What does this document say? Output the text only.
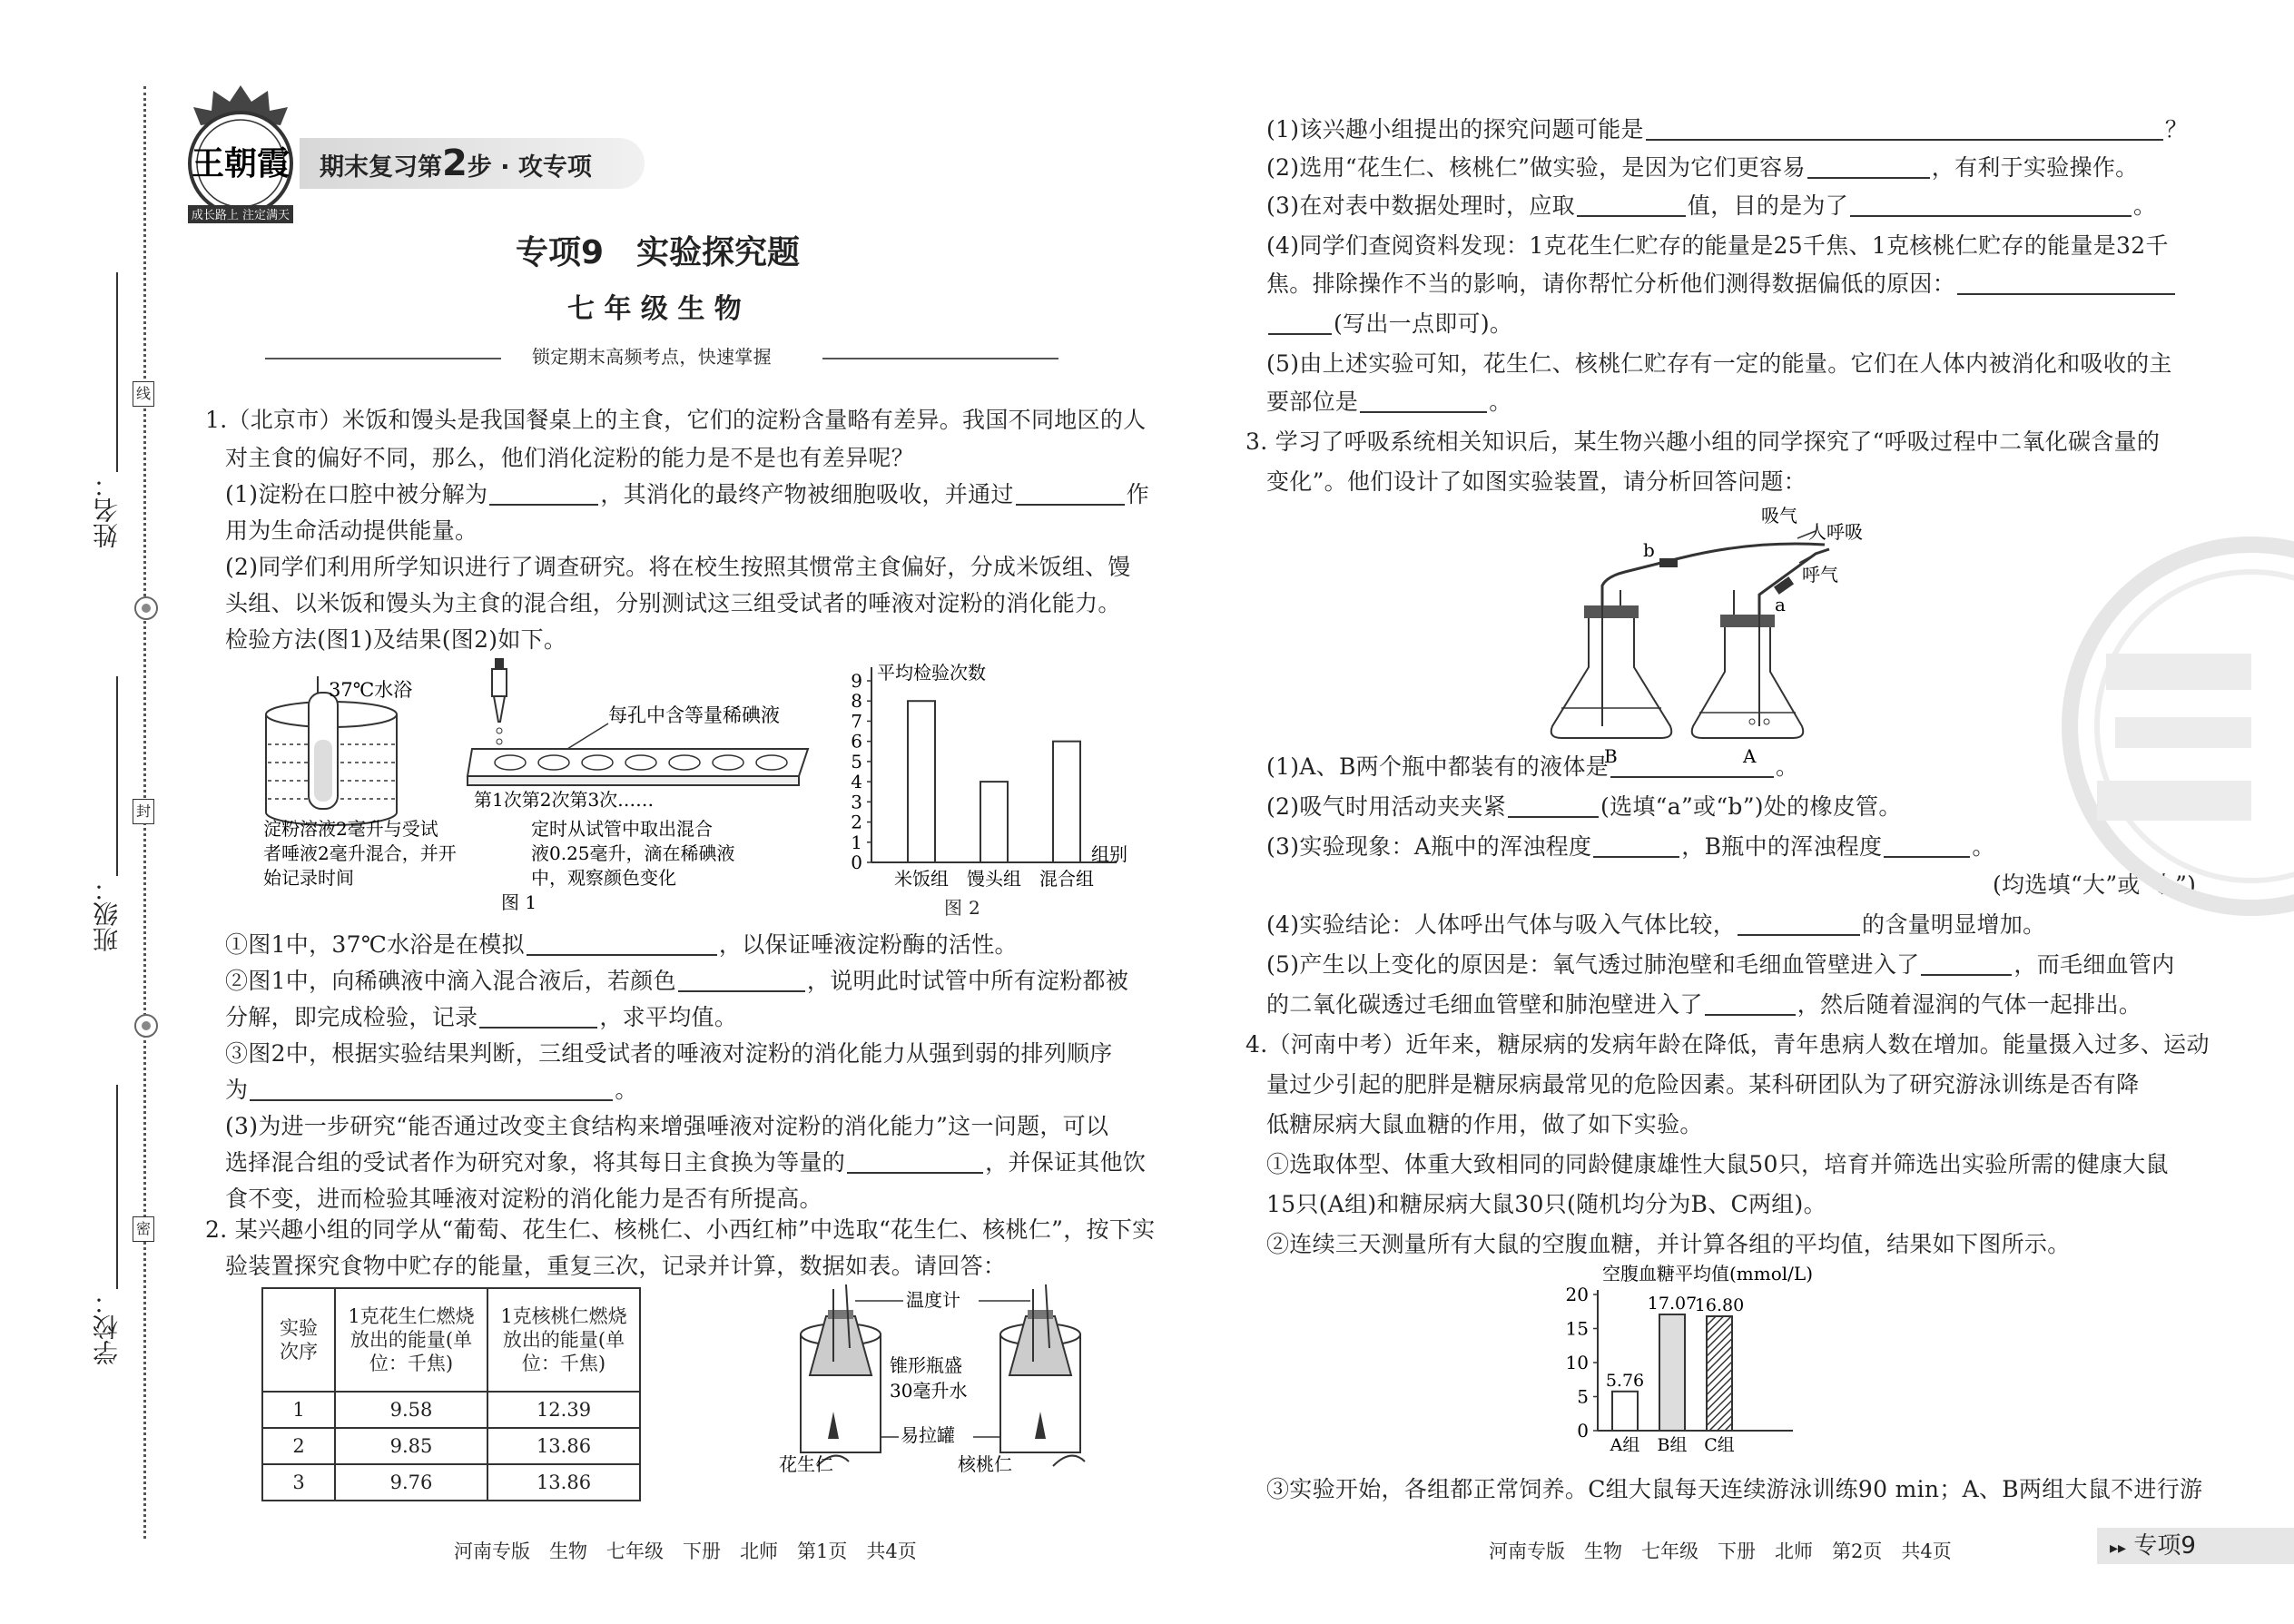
姓名：
班级：
学校：
线
封
密
王朝霞
成长路上 注定满天
期末复习第2步 · 攻专项
专项9　实验探究题
七 年 级 生 物
锁定期末高频考点，快速掌握
1.（北京市）米饭和馒头是我国餐桌上的主食，它们的淀粉含量略有差异。我国不同地区的人
对主食的偏好不同，那么，他们消化淀粉的能力是不是也有差异呢？
(1)淀粉在口腔中被分解为	，其消化的最终产物被细胞吸收，并通过	作
用为生命活动提供能量。
(2)同学们利用所学知识进行了调查研究。将在校生按照其惯常主食偏好，分成米饭组、馒
头组、以米饭和馒头为主食的混合组，分别测试这三组受试者的唾液对淀粉的消化能力。
检验方法(图1)及结果(图2)如下。
37℃水浴
每孔中含等量稀碘液
第1次第2次第3次……
淀粉溶液2毫升与受试
者唾液2毫升混合，并开
始记录时间
定时从试管中取出混合
液0.25毫升，滴在稀碘液
中，观察颜色变化
图 1
0
1
2
3
4
5
6
7
8
9 平均检验次数
组别
米饭组 馒头组 混合组
图 2
①图1中，37℃水浴是在模拟	，以保证唾液淀粉酶的活性。
②图1中，向稀碘液中滴入混合液后，若颜色	，说明此时试管中所有淀粉都被
分解，即完成检验，记录	，求平均值。
③图2中，根据实验结果判断，三组受试者的唾液对淀粉的消化能力从强到弱的排列顺序
为	。
(3)为进一步研究“能否通过改变主食结构来增强唾液对淀粉的消化能力”这一问题，可以
选择混合组的受试者作为研究对象，将其每日主食换为等量的	，并保证其他饮
食不变，进而检验其唾液对淀粉的消化能力是否有所提高。
2. 某兴趣小组的同学从“葡萄、花生仁、核桃仁、小西红柿”中选取“花生仁、核桃仁”，按下实
验装置探究食物中贮存的能量，重复三次，记录并计算，数据如表。请回答：
实验
次序	1克花生仁燃烧
放出的能量(单
位：千焦)	1克核桃仁燃烧
放出的能量(单
位：千焦)
1	9.58	12.39
2	9.85	13.86
3	9.76	13.86
温度计
锥形瓶盛
30毫升水
易拉罐
花生仁	核桃仁
(1)该兴趣小组提出的探究问题可能是	？
(2)选用“花生仁、核桃仁”做实验，是因为它们更容易	，有利于实验操作。
(3)在对表中数据处理时，应取	值，目的是为了	。
(4)同学们查阅资料发现：1克花生仁贮存的能量是25千焦、1克核桃仁贮存的能量是32千
焦。排除操作不当的影响，请你帮忙分析他们测得数据偏低的原因：
(写出一点即可)。
(5)由上述实验可知，花生仁、核桃仁贮存有一定的能量。它们在人体内被消化和吸收的主
要部位是	。
3. 学习了呼吸系统相关知识后，某生物兴趣小组的同学探究了“呼吸过程中二氧化碳含量的
变化”。他们设计了如图实验装置，请分析回答问题：
b
a
吸气
人呼吸
呼气
B	A
(1)A、B两个瓶中都装有的液体是	。
(2)吸气时用活动夹夹紧	(选填“a”或“b”)处的橡皮管。
(3)实验现象：A瓶中的浑浊程度	，B瓶中的浑浊程度	。
(均选填“大”或“小”)
(4)实验结论：人体呼出气体与吸入气体比较，	的含量明显增加。
(5)产生以上变化的原因是：氧气透过肺泡壁和毛细血管壁进入了	，而毛细血管内
的二氧化碳透过毛细血管壁和肺泡壁进入了	，然后随着湿润的气体一起排出。
4.（河南中考）近年来，糖尿病的发病年龄在降低，青年患病人数在增加。能量摄入过多、运动
量过少引起的肥胖是糖尿病最常见的危险因素。某科研团队为了研究游泳训练是否有降
低糖尿病大鼠血糖的作用，做了如下实验。
①选取体型、体重大致相同的同龄健康雄性大鼠50只，培育并筛选出实验所需的健康大鼠
15只(A组)和糖尿病大鼠30只(随机均分为B、C两组)。
②连续三天测量所有大鼠的空腹血糖，并计算各组的平均值，结果如下图所示。
空腹血糖平均值(mmol/L)
0
5
10
15
20
5.76
A组
17.07
B组
16.80
C组
③实验开始，各组都正常饲养。C组大鼠每天连续游泳训练90 min；A、B两组大鼠不进行游
河南专版　生物　七年级　下册　北师　第1页　共4页	河南专版　生物　七年级　下册　北师　第2页　共4页	▸▸ 专项9
